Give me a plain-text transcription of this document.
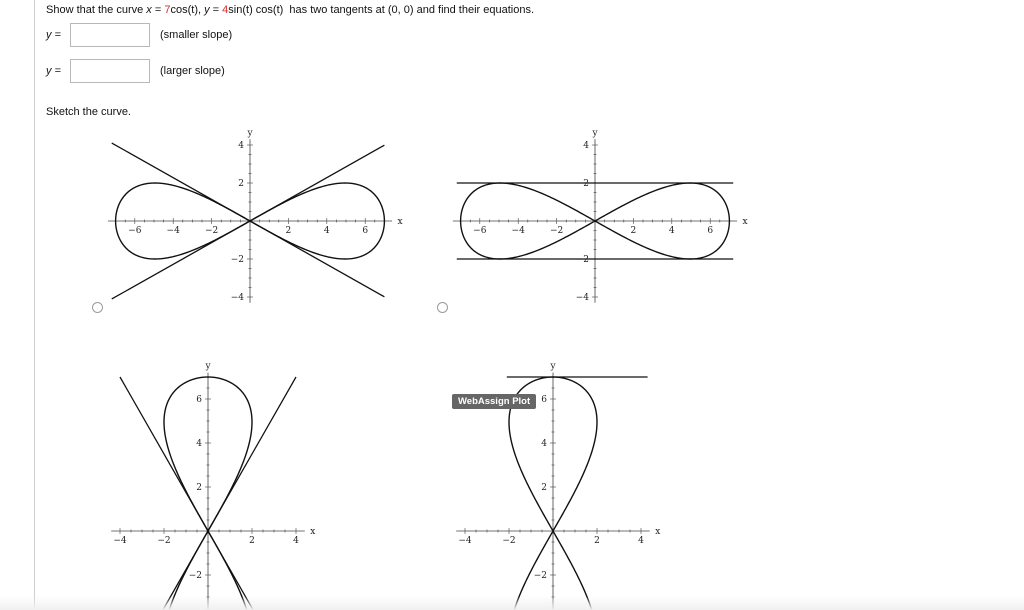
Show that the curve x = 7cos(t), y = 4sin(t) cos(t) has two tangents at (0, 0) and find their equations.
y =	(smaller slope)
y =	(larger slope)
Sketch the curve.
−6	−4	−2	2	4	6
4
2
−2
−4
x
y
−6	−4	−2	2	4	6
4
2
−2
−4
x
y
−4	−2	2	4
6
4
2
−2
x
y
−4	−2	2	4
6
4
2
−2
x
y
WebAssign Plot
